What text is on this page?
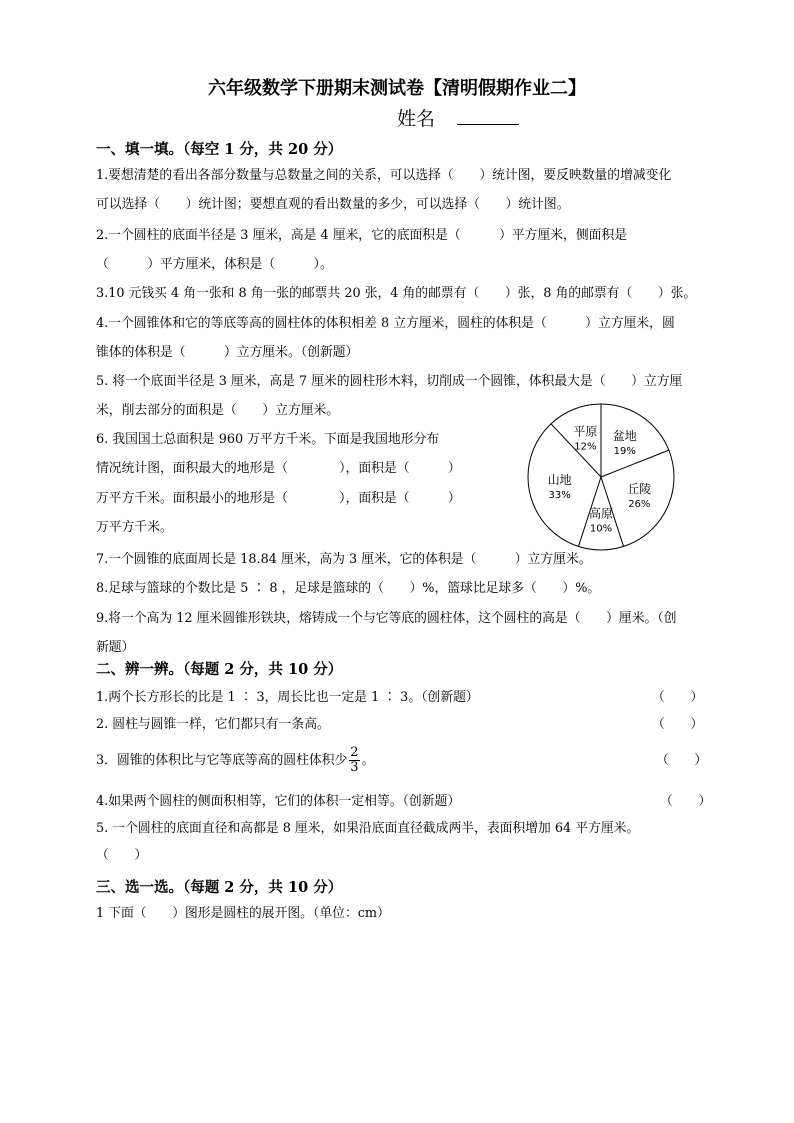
六年级数学下册期末测试卷【清明假期作业二】
姓名
一、填一填。（每空 1 分，共 20 分）
1.要想清楚的看出各部分数量与总数量之间的关系，可以选择（　　）统计图，要反映数量的增减变化
可以选择（　　）统计图；要想直观的看出数量的多少，可以选择（　　）统计图。
2.一个圆柱的底面半径是 3 厘米，高是 4 厘米，它的底面积是（　　　）平方厘米，侧面积是
（　　　）平方厘米，体积是（　　　）。
3.10 元钱买 4 角一张和 8 角一张的邮票共 20 张，4 角的邮票有（　　）张，8 角的邮票有（　　）张。
4.一个圆锥体和它的等底等高的圆柱体的体积相差 8 立方厘米，圆柱的体积是（　　　）立方厘米，圆
锥体的体积是（　　　）立方厘米。（创新题）
5. 将一个底面半径是 3 厘米，高是 7 厘米的圆柱形木料，切削成一个圆锥，体积最大是（　　）立方厘
米，削去部分的面积是（　　）立方厘米。
6. 我国国土总面积是 960 万平方千米。下面是我国地形分布
情况统计图，面积最大的地形是（　　　　），面积是（　　　）
万平方千米。面积最小的地形是（　　　　），面积是（　　　）
万平方千米。
7.一个圆锥的底面周长是 18.84 厘米，高为 3 厘米，它的体积是（　　　）立方厘米。
8.足球与篮球的个数比是 5 ∶ 8 ，足球是篮球的（　　）%，篮球比足球多（　　）%。
9.将一个高为 12 厘米圆锥形铁块，熔铸成一个与它等底的圆柱体，这个圆柱的高是（　　）厘米。（创
新题）
盆地
19%
丘陵
26%
高原
10%
山地
33%
平原
12%
二、辨一辨。（每题 2 分，共 10 分）
1.两个长方形长的比是 1 ∶ 3，周长比也一定是 1 ∶ 3。（创新题）	（　　）
2. 圆柱与圆锥一样，它们都只有一条高。	（　　）
3．圆锥的体积比与它等底等高的圆柱体积少 $\frac{2}{3}$ 。	（　　）
4.如果两个圆柱的侧面积相等，它们的体积一定相等。（创新题）	（　　）
5. 一个圆柱的底面直径和高都是 8 厘米，如果沿底面直径截成两半，表面积增加 64 平方厘米。
（　　）
三、选一选。（每题 2 分，共 10 分）
1 下面（　　）图形是圆柱的展开图。（单位：cm）
